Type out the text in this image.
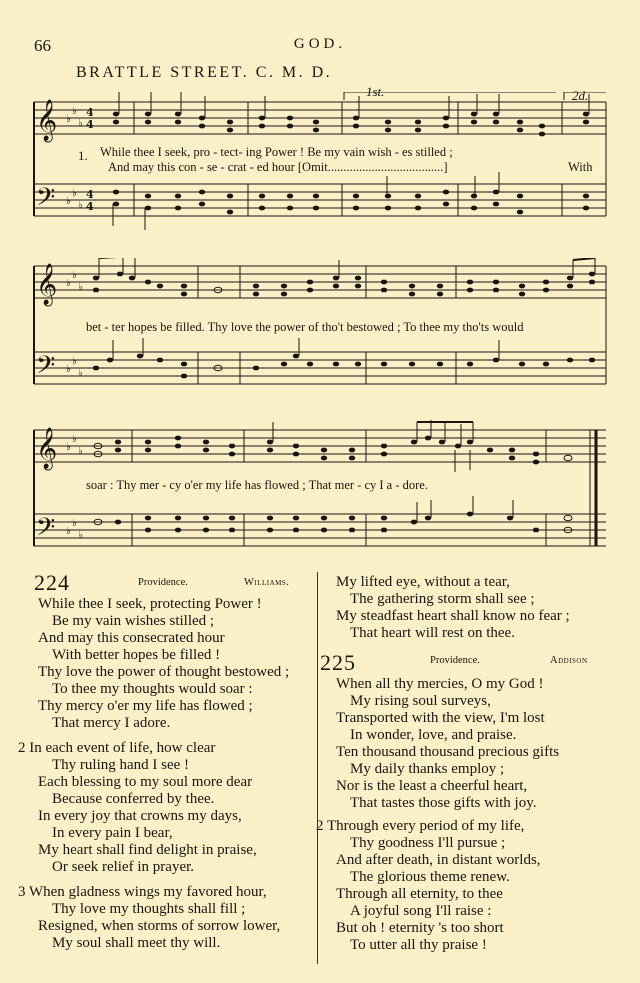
66	GOD.
BRATTLE STREET. C. M. D.
1st.	2d.
𝄞
𝄢
♭
♭
♭
♭
♭
♭
4
4
4
4
1. While thee I seek, pro - tect- ing Power ! Be my vain wish - es stilled ;
And may this con - se - crat - ed hour [Omit.....................................]	With
𝄞
𝄢
♭
♭
♭
♭
♭
♭
bet - ter hopes be filled. Thy love the power of tho't bestowed ; To thee my tho'ts would
𝄞
𝄢
♭
♭
♭
♭
♭
♭
soar : Thy mer - cy o'er my life has flowed ; That mer - cy I a - dore.
224	Providence.	Williams.
While thee I seek, protecting Power !
Be my vain wishes stilled ;
And may this consecrated hour
With better hopes be filled !
Thy love the power of thought bestowed ;
To thee my thoughts would soar :
Thy mercy o'er my life has flowed ;
That mercy I adore.
2 In each event of life, how clear
Thy ruling hand I see !
Each blessing to my soul more dear
Because conferred by thee.
In every joy that crowns my days,
In every pain I bear,
My heart shall find delight in praise,
Or seek relief in prayer.
3 When gladness wings my favored hour,
Thy love my thoughts shall fill ;
Resigned, when storms of sorrow lower,
My soul shall meet thy will.
My lifted eye, without a tear,
The gathering storm shall see ;
My steadfast heart shall know no fear ;
That heart will rest on thee.
225	Providence.	Addison
When all thy mercies, O my God !
My rising soul surveys,
Transported with the view, I'm lost
In wonder, love, and praise.
Ten thousand thousand precious gifts
My daily thanks employ ;
Nor is the least a cheerful heart,
That tastes those gifts with joy.
2 Through every period of my life,
Thy goodness I'll pursue ;
And after death, in distant worlds,
The glorious theme renew.
Through all eternity, to thee
A joyful song I'll raise :
But oh ! eternity 's too short
To utter all thy praise !
